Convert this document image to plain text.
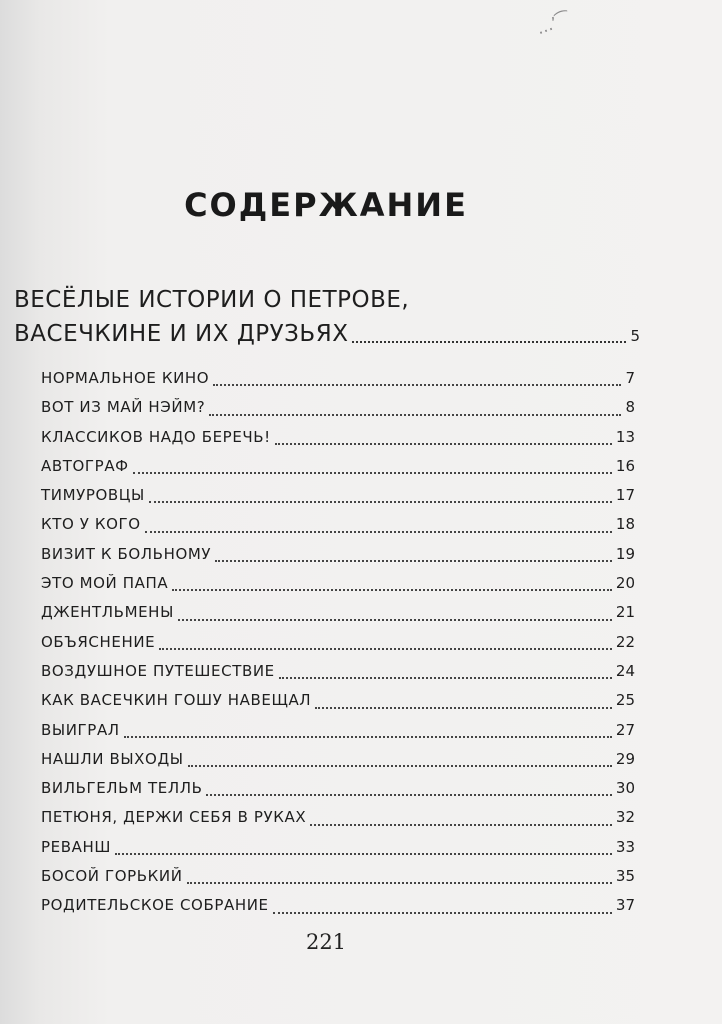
…’⁀
СОДЕРЖАНИЕ
ВЕСЁЛЫЕ ИСТОРИИ О ПЕТРОВЕ,
ВАСЕЧКИНЕ И ИХ ДРУЗЬЯХ	5
НОРМАЛЬНОЕ КИНО	7
ВОТ ИЗ МАЙ НЭЙМ?	8
КЛАССИКОВ НАДО БЕРЕЧЬ!	13
АВТОГРАФ	16
ТИМУРОВЦЫ	17
КТО У КОГО	18
ВИЗИТ К БОЛЬНОМУ	19
ЭТО МОЙ ПАПА	20
ДЖЕНТЛЬМЕНЫ	21
ОБЪЯСНЕНИЕ	22
ВОЗДУШНОЕ ПУТЕШЕСТВИЕ	24
КАК ВАСЕЧКИН ГОШУ НАВЕЩАЛ	25
ВЫИГРАЛ	27
НАШЛИ ВЫХОДЫ	29
ВИЛЬГЕЛЬМ ТЕЛЛЬ	30
ПЕТЮНЯ, ДЕРЖИ СЕБЯ В РУКАХ	32
РЕВАНШ	33
БОСОЙ ГОРЬКИЙ	35
РОДИТЕЛЬСКОЕ СОБРАНИЕ	37
221
